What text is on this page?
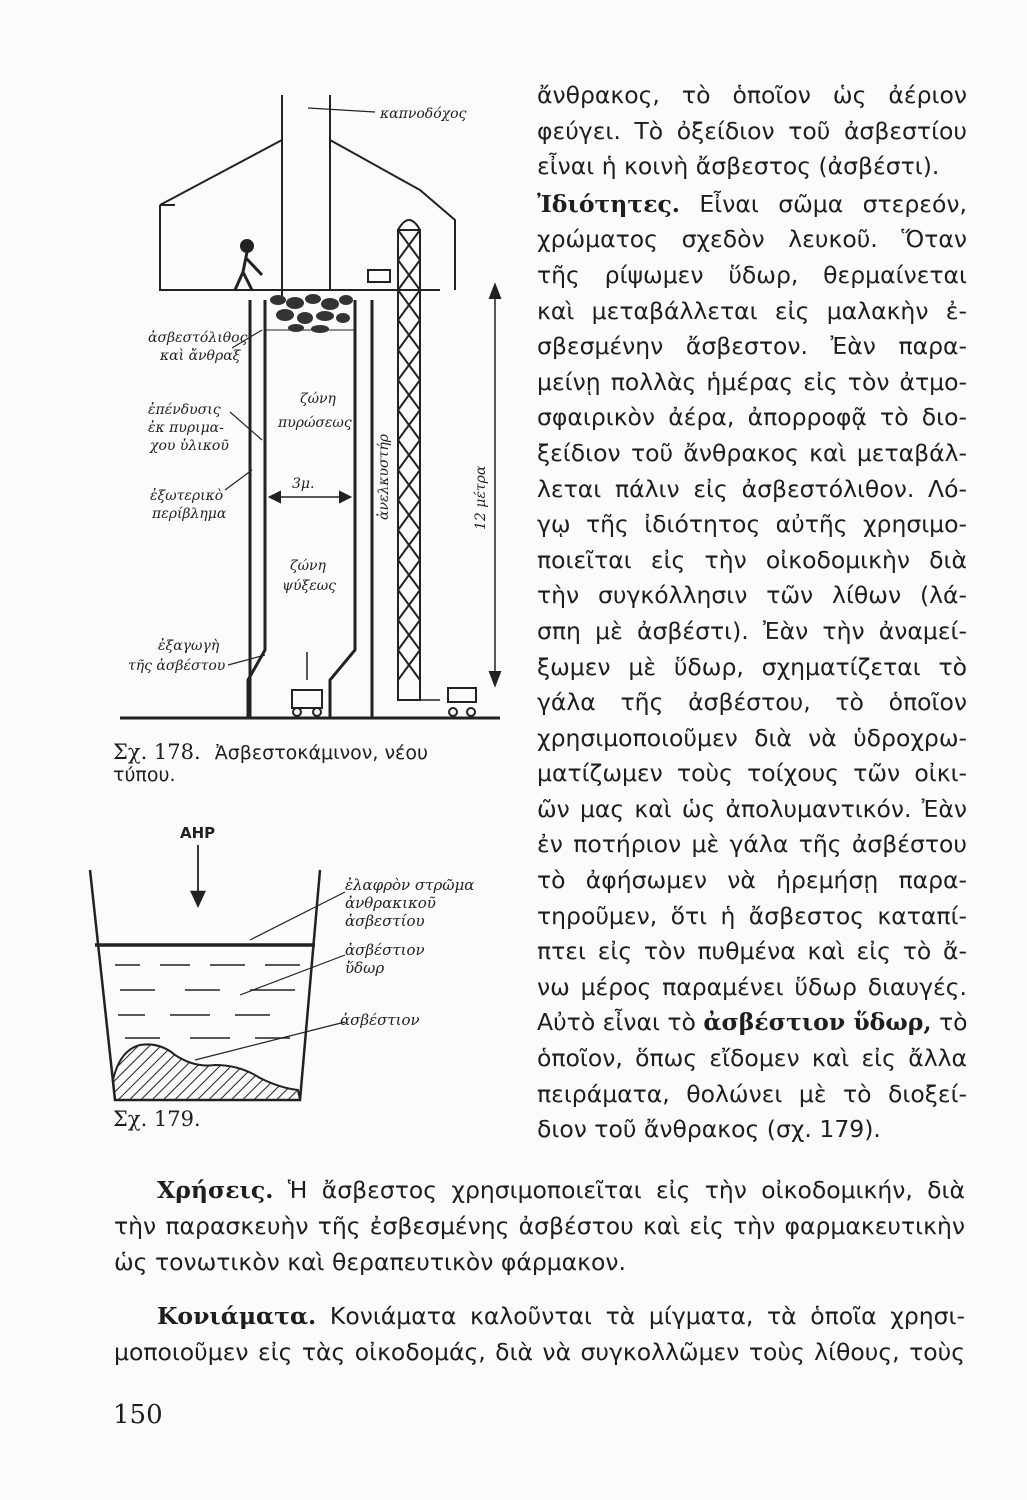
καπνοδόχος
ἀσβεστόλιθος
καὶ ἄνθραξ
ἐπένδυσις
ἐκ πυριμα-
χου ὑλικοῦ
ζώνη
πυρώσεως
3μ.
ἐξωτερικὸ
περίβλημα
ζώνη
ψύξεως
ἐξαγωγὴ
τῆς ἀσβέστου
ἀνελκυστήρ	12 μέτρα
Σχ. 178. Ἀσβεστοκάμινον, νέου
τύπου.
ΑΗΡ
ἐλαφρὸν στρῶμα
ἀνθρακικοῦ
ἀσβεστίου
ἀσβέστιον
ὕδωρ
ἀσβέστιον
Σχ. 179.
ἄνθρακος, τὸ ὁποῖον ὡς ἀέριον
φεύγει. Τὸ ὀξείδιον τοῦ ἀσβεστίου
εἶναι ἡ κοινὴ ἄσβεστος (ἀσβέστι).
Ἰδιότητες. Εἶναι σῶμα στερεόν,
χρώματος σχεδὸν λευκοῦ. Ὅταν
τῆς ρίψωμεν ὕδωρ, θερμαίνεται
καὶ μεταβάλλεται εἰς μαλακὴν ἐ-
σβεσμένην ἄσβεστον. Ἐὰν παρα-
μείνῃ πολλὰς ἡμέρας εἰς τὸν ἀτμο-
σφαιρικὸν ἀέρα, ἀπορροφᾷ τὸ διο-
ξείδιον τοῦ ἄνθρακος καὶ μεταβάλ-
λεται πάλιν εἰς ἀσβεστόλιθον. Λό-
γῳ τῆς ἰδιότητος αὐτῆς χρησιμο-
ποιεῖται εἰς τὴν οἰκοδομικὴν διὰ
τὴν συγκόλλησιν τῶν λίθων (λά-
σπη μὲ ἀσβέστι). Ἐὰν τὴν ἀναμεί-
ξωμεν μὲ ὕδωρ, σχηματίζεται τὸ
γάλα τῆς ἀσβέστου, τὸ ὁποῖον
χρησιμοποιοῦμεν διὰ νὰ ὑδροχρω-
ματίζωμεν τοὺς τοίχους τῶν οἰκι-
ῶν μας καὶ ὡς ἀπολυμαντικόν. Ἐὰν
ἐν ποτήριον μὲ γάλα τῆς ἀσβέστου
τὸ ἀφήσωμεν νὰ ἠρεμήσῃ παρα-
τηροῦμεν, ὅτι ἡ ἄσβεστος καταπί-
πτει εἰς τὸν πυθμένα καὶ εἰς τὸ ἄ-
νω μέρος παραμένει ὕδωρ διαυγές.
Αὐτὸ εἶναι τὸ ἀσβέστιον ὕδωρ, τὸ
ὁποῖον, ὅπως εἴδομεν καὶ εἰς ἄλλα
πειράματα, θολώνει μὲ τὸ διοξεί-
διον τοῦ ἄνθρακος (σχ. 179).
Χρήσεις. Ἡ ἄσβεστος χρησιμοποιεῖται εἰς τὴν οἰκοδομικήν, διὰ
τὴν παρασκευὴν τῆς ἐσβεσμένης ἀσβέστου καὶ εἰς τὴν φαρμακευτικὴν
ὡς τονωτικὸν καὶ θεραπευτικὸν φάρμακον.
Κονιάματα. Κονιάματα καλοῦνται τὰ μίγματα, τὰ ὁποῖα χρησι-
μοποιοῦμεν εἰς τὰς οἰκοδομάς, διὰ νὰ συγκολλῶμεν τοὺς λίθους, τοὺς
150
